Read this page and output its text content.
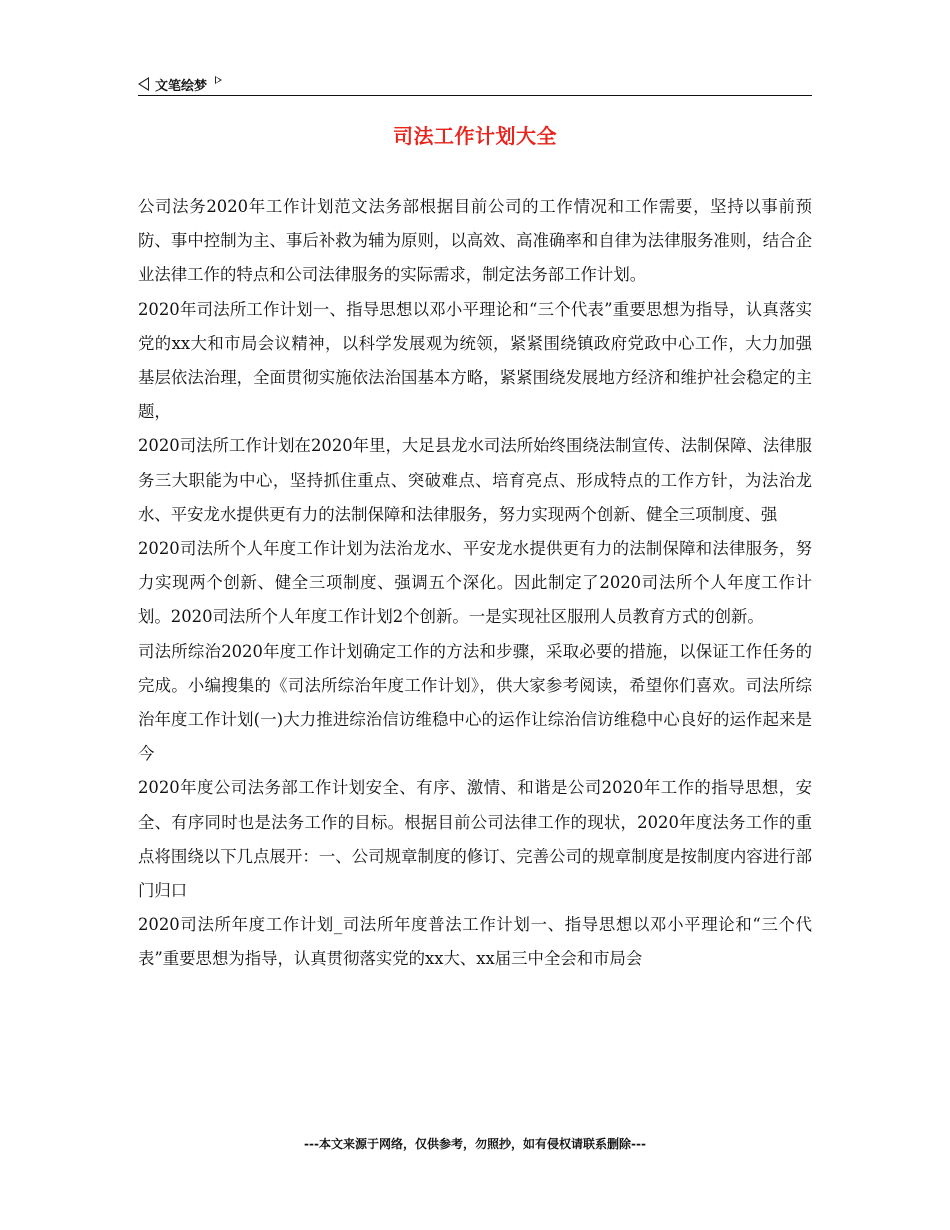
文笔绘梦
司法工作计划大全

公司法务2020年工作计划范文法务部根据目前公司的工作情况和工作需要，坚持以事前预防、事中控制为主、事后补救为辅为原则，以高效、高准确率和自律为法律服务准则，结合企业法律工作的特点和公司法律服务的实际需求，制定法务部工作计划。

2020年司法所工作计划一、指导思想以邓小平理论和“三个代表”重要思想为指导，认真落实党的xx大和市局会议精神，以科学发展观为统领，紧紧围绕镇政府党政中心工作，大力加强基层依法治理，全面贯彻实施依法治国基本方略，紧紧围绕发展地方经济和维护社会稳定的主题，

2020司法所工作计划在2020年里，大足县龙水司法所始终围绕法制宣传、法制保障、法律服务三大职能为中心，坚持抓住重点、突破难点、培育亮点、形成特点的工作方针，为法治龙水、平安龙水提供更有力的法制保障和法律服务，努力实现两个创新、健全三项制度、强

2020司法所个人年度工作计划为法治龙水、平安龙水提供更有力的法制保障和法律服务，努力实现两个创新、健全三项制度、强调五个深化。因此制定了2020司法所个人年度工作计划。2020司法所个人年度工作计划2个创新。一是实现社区服刑人员教育方式的创新。

司法所综治2020年度工作计划确定工作的方法和步骤，采取必要的措施，以保证工作任务的完成。小编搜集的《司法所综治年度工作计划》，供大家参考阅读，希望你们喜欢。司法所综治年度工作计划(一)大力推进综治信访维稳中心的运作让综治信访维稳中心良好的运作起来是今

2020年度公司法务部工作计划安全、有序、激情、和谐是公司2020年工作的指导思想，安全、有序同时也是法务工作的目标。根据目前公司法律工作的现状，2020年度法务工作的重点将围绕以下几点展开：一、公司规章制度的修订、完善公司的规章制度是按制度内容进行部门归口

2020司法所年度工作计划_司法所年度普法工作计划一、指导思想以邓小平理论和“三个代表”重要思想为指导，认真贯彻落实党的xx大、xx届三中全会和市局会

---本文来源于网络，仅供参考，勿照抄，如有侵权请联系删除---
